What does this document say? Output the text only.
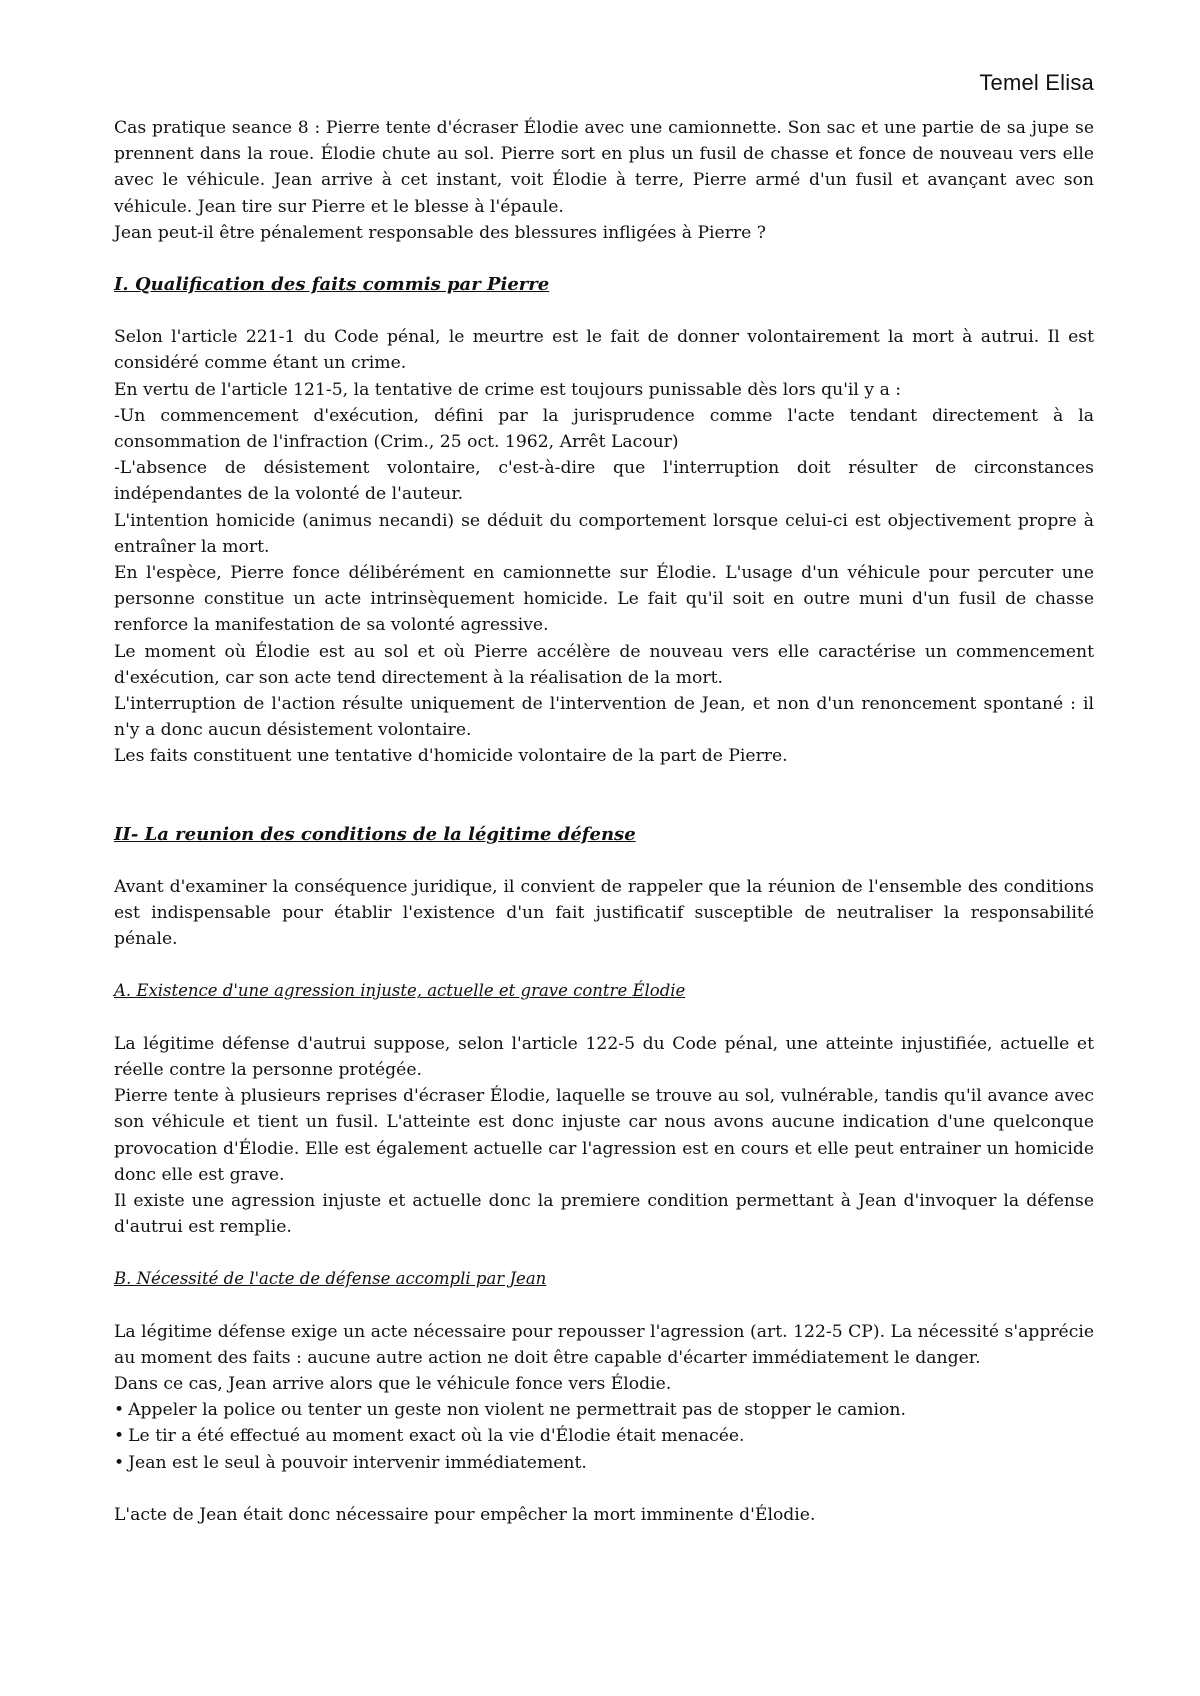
Temel Elisa

Cas pratique seance 8 : Pierre tente d'écraser Élodie avec une camionnette. Son sac et une partie de sa jupe se prennent dans la roue. Élodie chute au sol. Pierre sort en plus un fusil de chasse et fonce de nouveau vers elle avec le véhicule. Jean arrive à cet instant, voit Élodie à terre, Pierre armé d'un fusil et avançant avec son véhicule. Jean tire sur Pierre et le blesse à l'épaule.

Jean peut-il être pénalement responsable des blessures infligées à Pierre ?

I. Qualification des faits commis par Pierre

Selon l'article 221-1 du Code pénal, le meurtre est le fait de donner volontairement la mort à autrui. Il est considéré comme étant un crime.

En vertu de l'article 121-5, la tentative de crime est toujours punissable dès lors qu'il y a :

-Un commencement d'exécution, défini par la jurisprudence comme l'acte tendant directement à la consommation de l'infraction (Crim., 25 oct. 1962, Arrêt Lacour)

-L'absence de désistement volontaire, c'est-à-dire que l'interruption doit résulter de circonstances indépendantes de la volonté de l'auteur.

L'intention homicide (animus necandi) se déduit du comportement lorsque celui-ci est objectivement propre à entraîner la mort.

En l'espèce, Pierre fonce délibérément en camionnette sur Élodie. L'usage d'un véhicule pour percuter une personne constitue un acte intrinsèquement homicide. Le fait qu'il soit en outre muni d'un fusil de chasse renforce la manifestation de sa volonté agressive.

Le moment où Élodie est au sol et où Pierre accélère de nouveau vers elle caractérise un commencement d'exécution, car son acte tend directement à la réalisation de la mort.

L'interruption de l'action résulte uniquement de l'intervention de Jean, et non d'un renoncement spontané : il n'y a donc aucun désistement volontaire.

Les faits constituent une tentative d'homicide volontaire de la part de Pierre.

II- La reunion des conditions de la légitime défense

Avant d'examiner la conséquence juridique, il convient de rappeler que la réunion de l'ensemble des conditions est indispensable pour établir l'existence d'un fait justificatif susceptible de neutraliser la responsabilité pénale.

A. Existence d'une agression injuste, actuelle et grave contre Élodie

La légitime défense d'autrui suppose, selon l'article 122-5 du Code pénal, une atteinte injustifiée, actuelle et réelle contre la personne protégée.

Pierre tente à plusieurs reprises d'écraser Élodie, laquelle se trouve au sol, vulnérable, tandis qu'il avance avec son véhicule et tient un fusil. L'atteinte est donc injuste car nous avons aucune indication d'une quelconque provocation d'Élodie. Elle est également actuelle car l'agression est en cours et elle peut entrainer un homicide donc elle est grave.

Il existe une agression injuste et actuelle donc la premiere condition permettant à Jean d'invoquer la défense d'autrui est remplie.

B. Nécessité de l'acte de défense accompli par Jean

La légitime défense exige un acte nécessaire pour repousser l'agression (art. 122-5 CP). La nécessité s'apprécie au moment des faits : aucune autre action ne doit être capable d'écarter immédiatement le danger.

Dans ce cas, Jean arrive alors que le véhicule fonce vers Élodie.

• Appeler la police ou tenter un geste non violent ne permettrait pas de stopper le camion.

• Le tir a été effectué au moment exact où la vie d'Élodie était menacée.

• Jean est le seul à pouvoir intervenir immédiatement.

L'acte de Jean était donc nécessaire pour empêcher la mort imminente d'Élodie.
